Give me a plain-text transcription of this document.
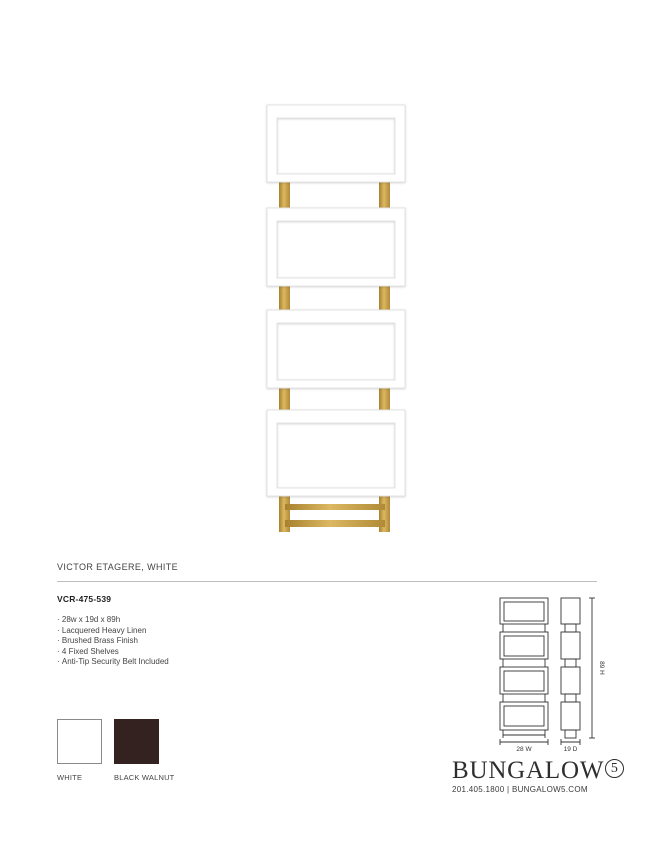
VICTOR ETAGERE, WHITE
VCR-475-539
· 28w x 19d x 89h
· Lacquered Heavy Linen
· Brushed Brass Finish
· 4 Fixed Shelves
· Anti-Tip Security Belt Included
WHITE	BLACK WALNUT
28 W	19 D
89 H
BUNGALOW 5
201.405.1800 | BUNGALOW5.COM
